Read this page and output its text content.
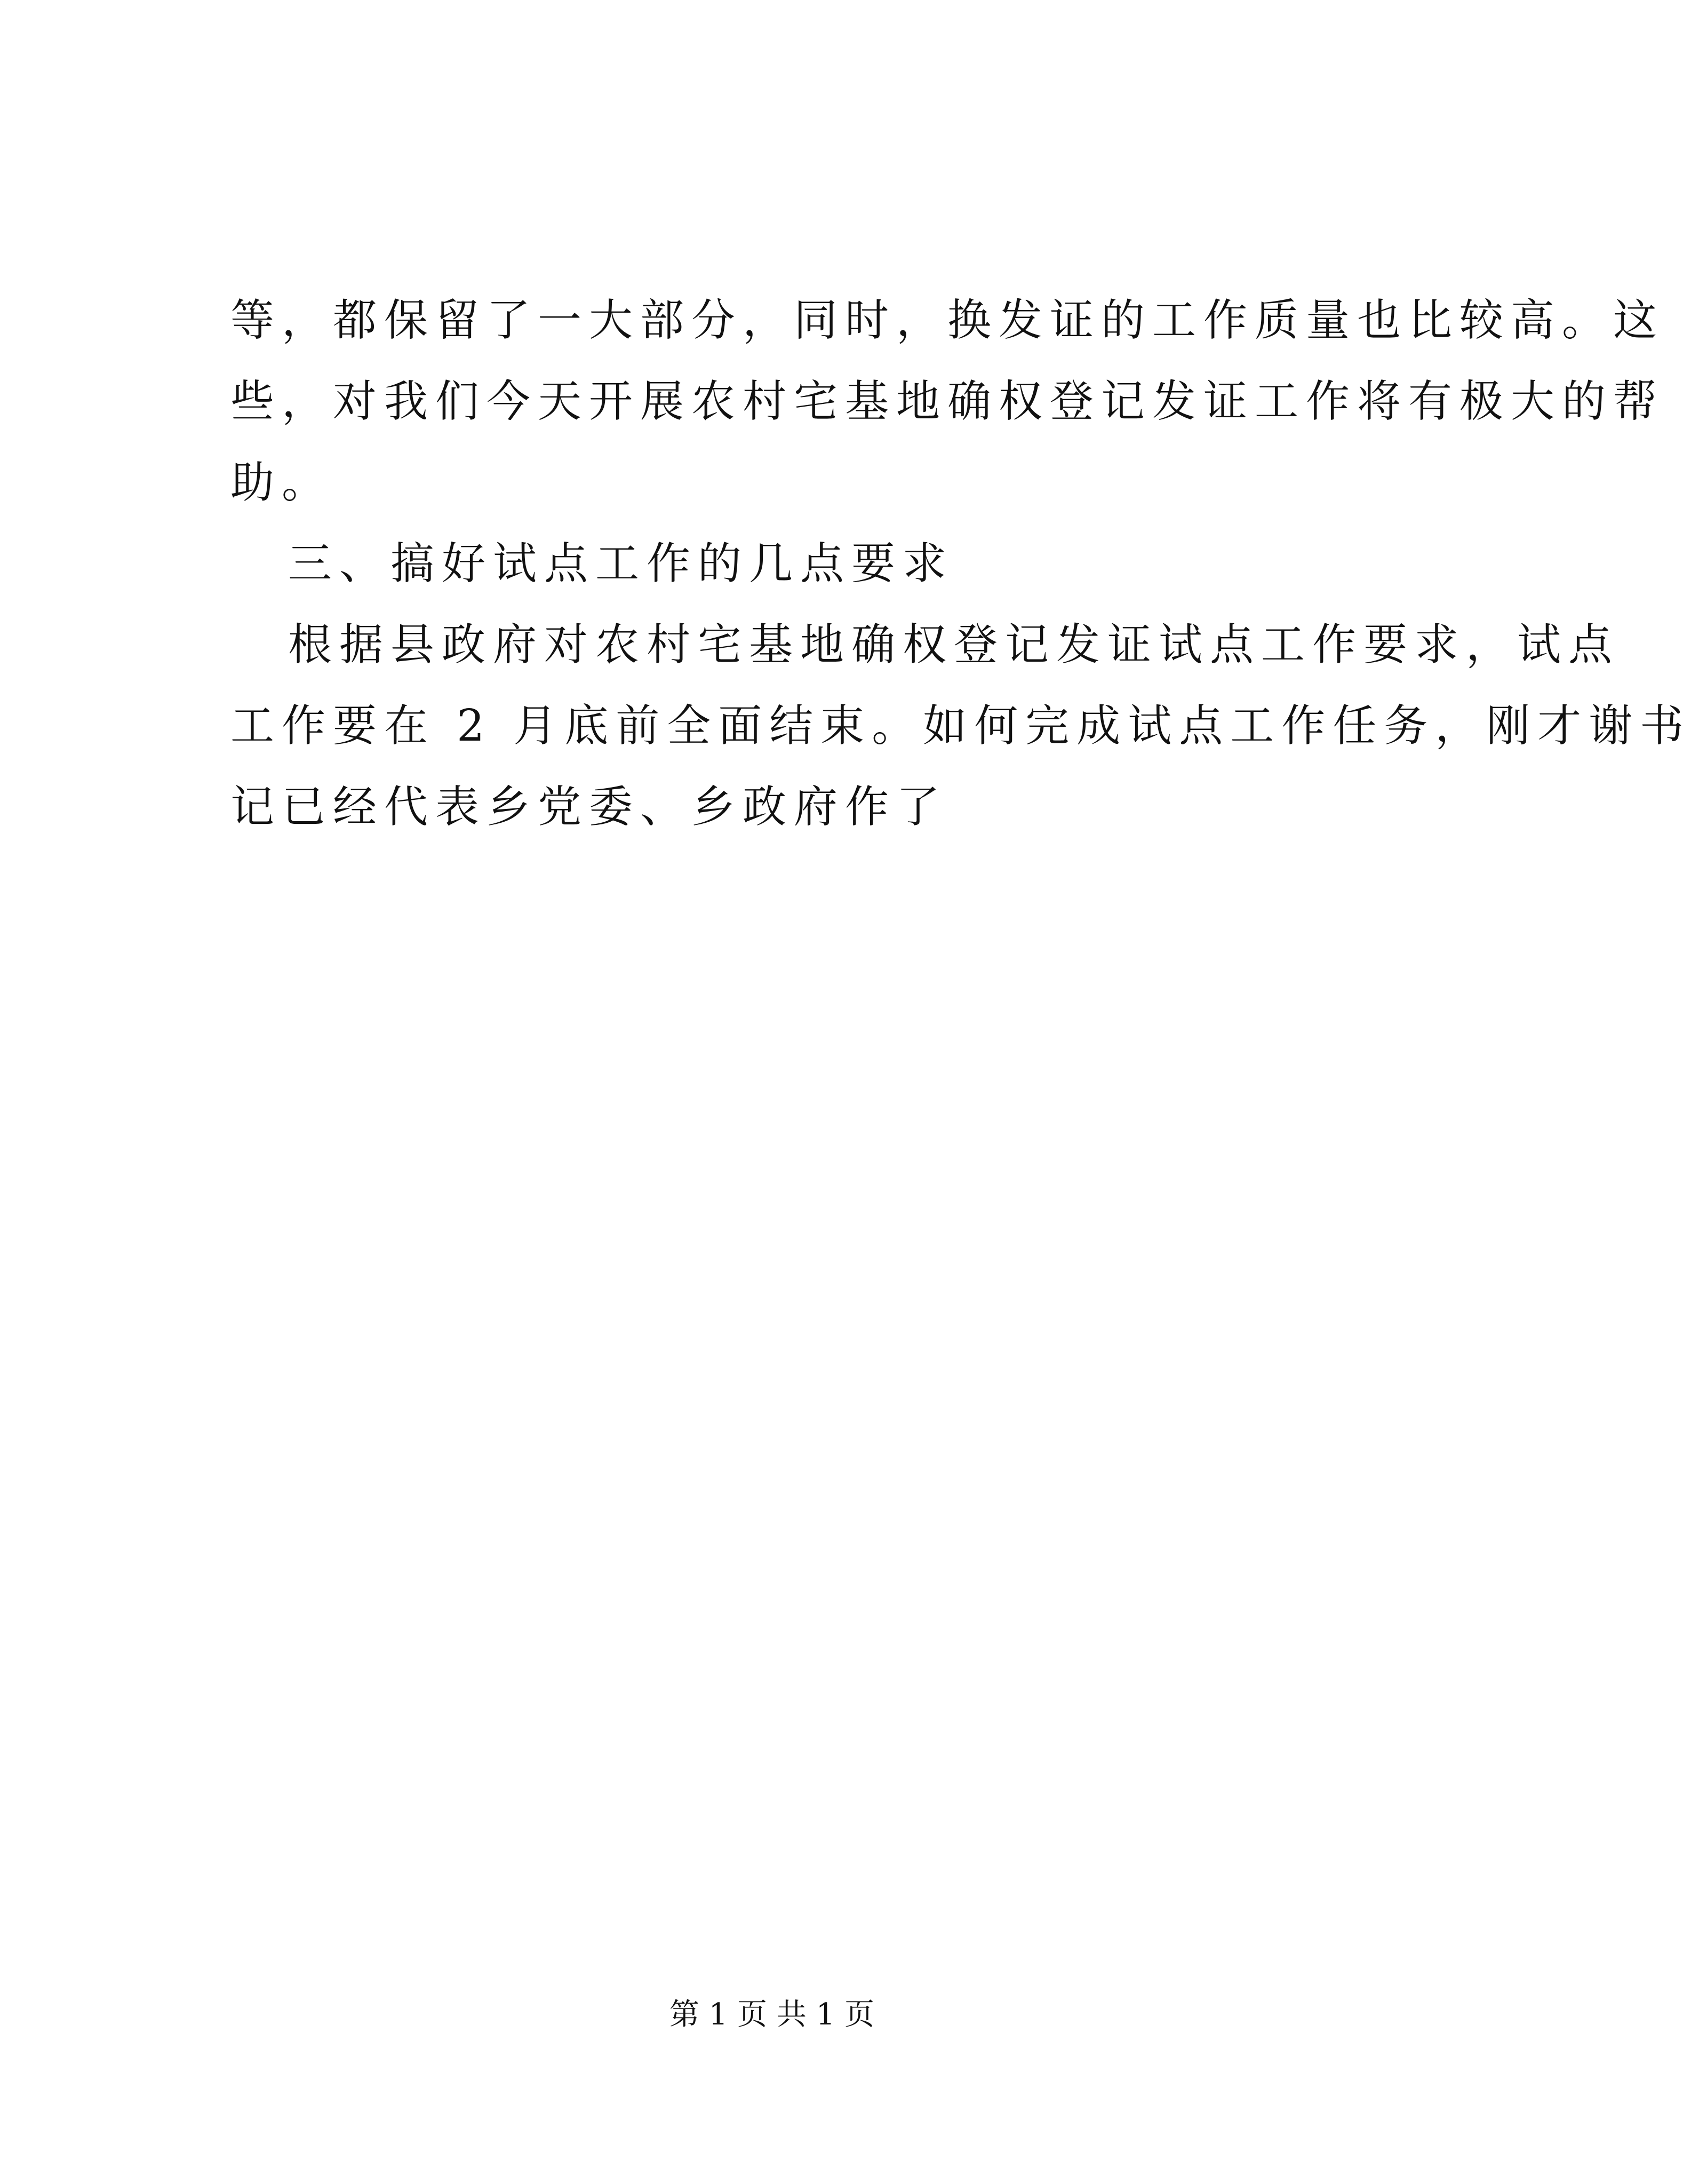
等，都保留了一大部分，同时，换发证的工作质量也比较高。这
些，对我们今天开展农村宅基地确权登记发证工作将有极大的帮
助。
三、搞好试点工作的几点要求
根据县政府对农村宅基地确权登记发证试点工作要求，试点
工作要在 2 月底前全面结束。如何完成试点工作任务，刚才谢书
记已经代表乡党委、乡政府作了
第 1 页 共 1 页
